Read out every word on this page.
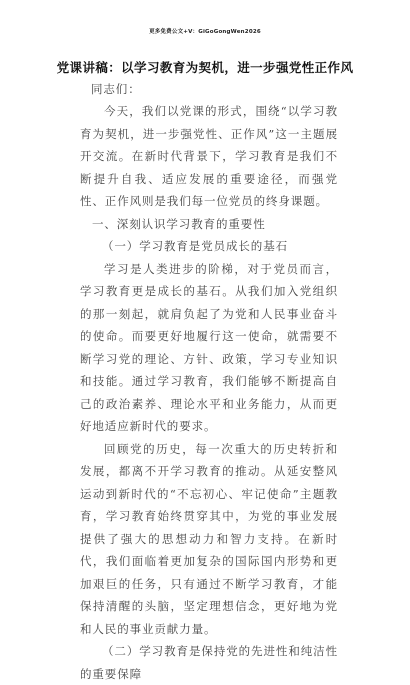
更多免费公文+V：GiGoGongWen2026
党课讲稿：以学习教育为契机，进一步强党性正作风
同志们：

今天，我们以党课的形式，围绕“以学习教育为契机，进一步强党性、正作风”这一主题展开交流。在新时代背景下，学习教育是我们不断提升自我、适应发展的重要途径，而强党性、正作风则是我们每一位党员的终身课题。

一、深刻认识学习教育的重要性

（一）学习教育是党员成长的基石

学习是人类进步的阶梯，对于党员而言，学习教育更是成长的基石。从我们加入党组织的那一刻起，就肩负起了为党和人民事业奋斗的使命。而要更好地履行这一使命，就需要不断学习党的理论、方针、政策，学习专业知识和技能。通过学习教育，我们能够不断提高自己的政治素养、理论水平和业务能力，从而更好地适应新时代的要求。

回顾党的历史，每一次重大的历史转折和发展，都离不开学习教育的推动。从延安整风运动到新时代的“不忘初心、牢记使命”主题教育，学习教育始终贯穿其中，为党的事业发展提供了强大的思想动力和智力支持。在新时代，我们面临着更加复杂的国际国内形势和更加艰巨的任务，只有通过不断学习教育，才能保持清醒的头脑，坚定理想信念，更好地为党和人民的事业贡献力量。

（二）学习教育是保持党的先进性和纯洁性的重要保障
